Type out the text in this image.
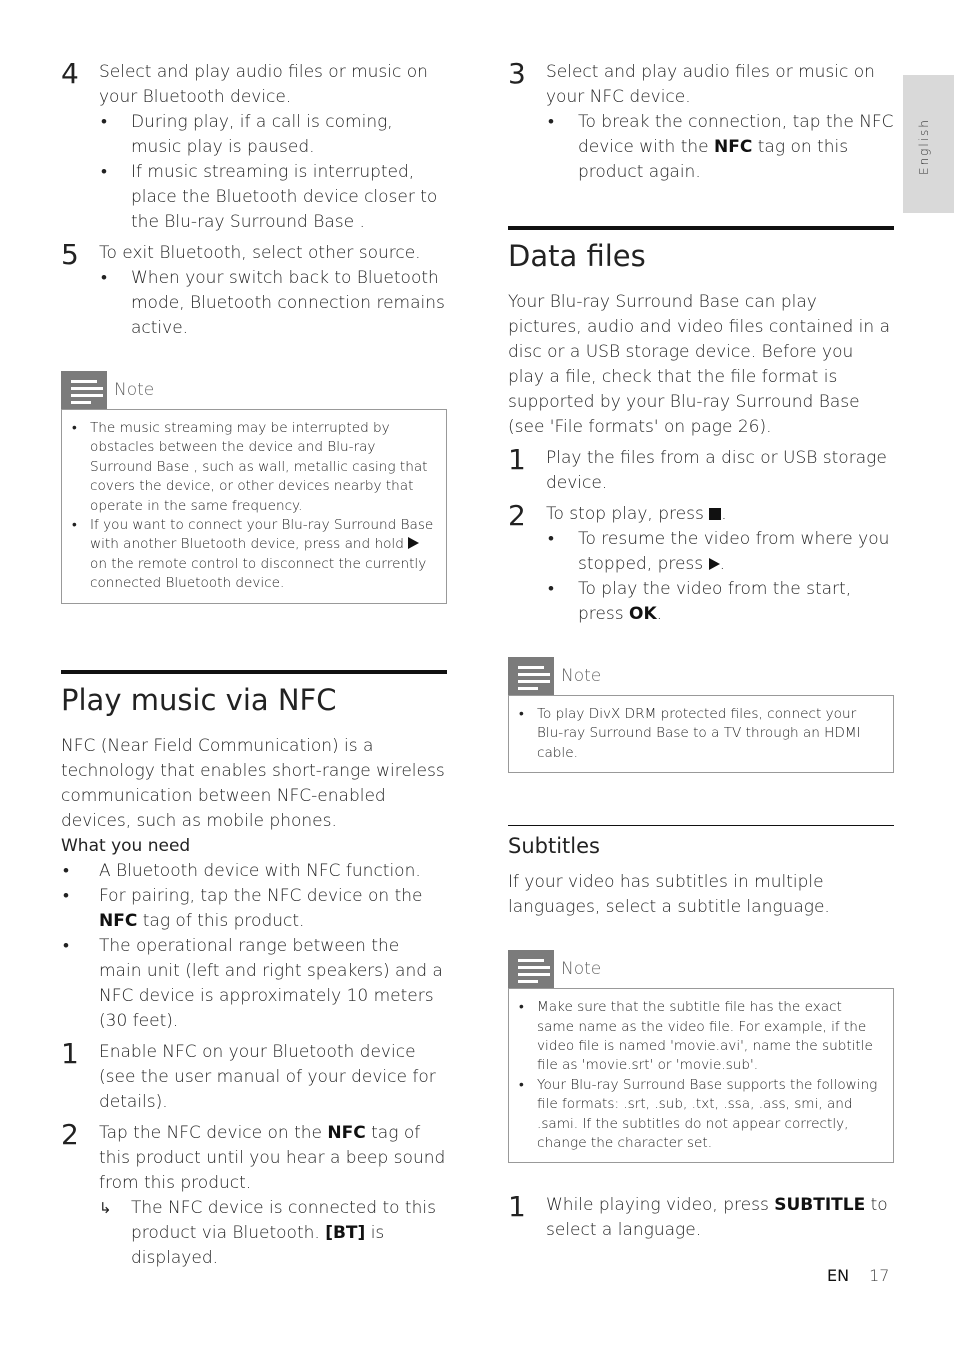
English
4 Select and play audio files or music on your Bluetooth device.

• During play, if a call is coming, music play is paused.
• If music streaming is interrupted, place the Bluetooth device closer to the Blu-ray Surround Base .
5 To exit Bluetooth, select other source.

• When your switch back to Bluetooth mode, Bluetooth connection remains active.
Note
• The music streaming may be interrupted by obstacles between the device and Blu-ray Surround Base , such as wall, metallic casing that covers the device, or other devices nearby that operate in the same frequency.
• If you want to connect your Blu-ray Surround Base with another Bluetooth device, press and hold
on the remote control to disconnect the currently connected Bluetooth device.
Play music via NFC

NFC (Near Field Communication) is a technology that enables short-range wireless communication between NFC-enabled devices, such as mobile phones.

What you need

• A Bluetooth device with NFC function.
• For pairing, tap the NFC device on the NFC tag of this product.
• The operational range between the main unit (left and right speakers) and a NFC device is approximately 10 meters (30 feet).
1 Enable NFC on your Bluetooth device (see the user manual of your device for details).

2 Tap the NFC device on the NFC tag of this product until you hear a beep sound from this product.

↳ The NFC device is connected to this product via Bluetooth. [BT] is displayed.
3 Select and play audio files or music on your NFC device.

• To break the connection, tap the NFC device with the NFC tag on this product again.
Data files

Your Blu-ray Surround Base can play pictures, audio and video files contained in a disc or a USB storage device. Before you play a file, check that the file format is supported by your Blu-ray Surround Base (see 'File formats' on page 26).

1 Play the files from a disc or USB storage device.

2 To stop play, press .

• To resume the video from where you stopped, press .
• To play the video from the start, press OK.
Note
• To play DivX DRM protected files, connect your Blu-ray Surround Base to a TV through an HDMI cable.
Subtitles

If your video has subtitles in multiple languages, select a subtitle language.

Note
• Make sure that the subtitle file has the exact same name as the video file. For example, if the video file is named 'movie.avi', name the subtitle file as 'movie.srt' or 'movie.sub'.
• Your Blu-ray Surround Base supports the following file formats: .srt, .sub, .txt, .ssa, .ass, smi, and .sami. If the subtitles do not appear correctly, change the character set.
1 While playing video, press SUBTITLE to select a language.

EN 17
